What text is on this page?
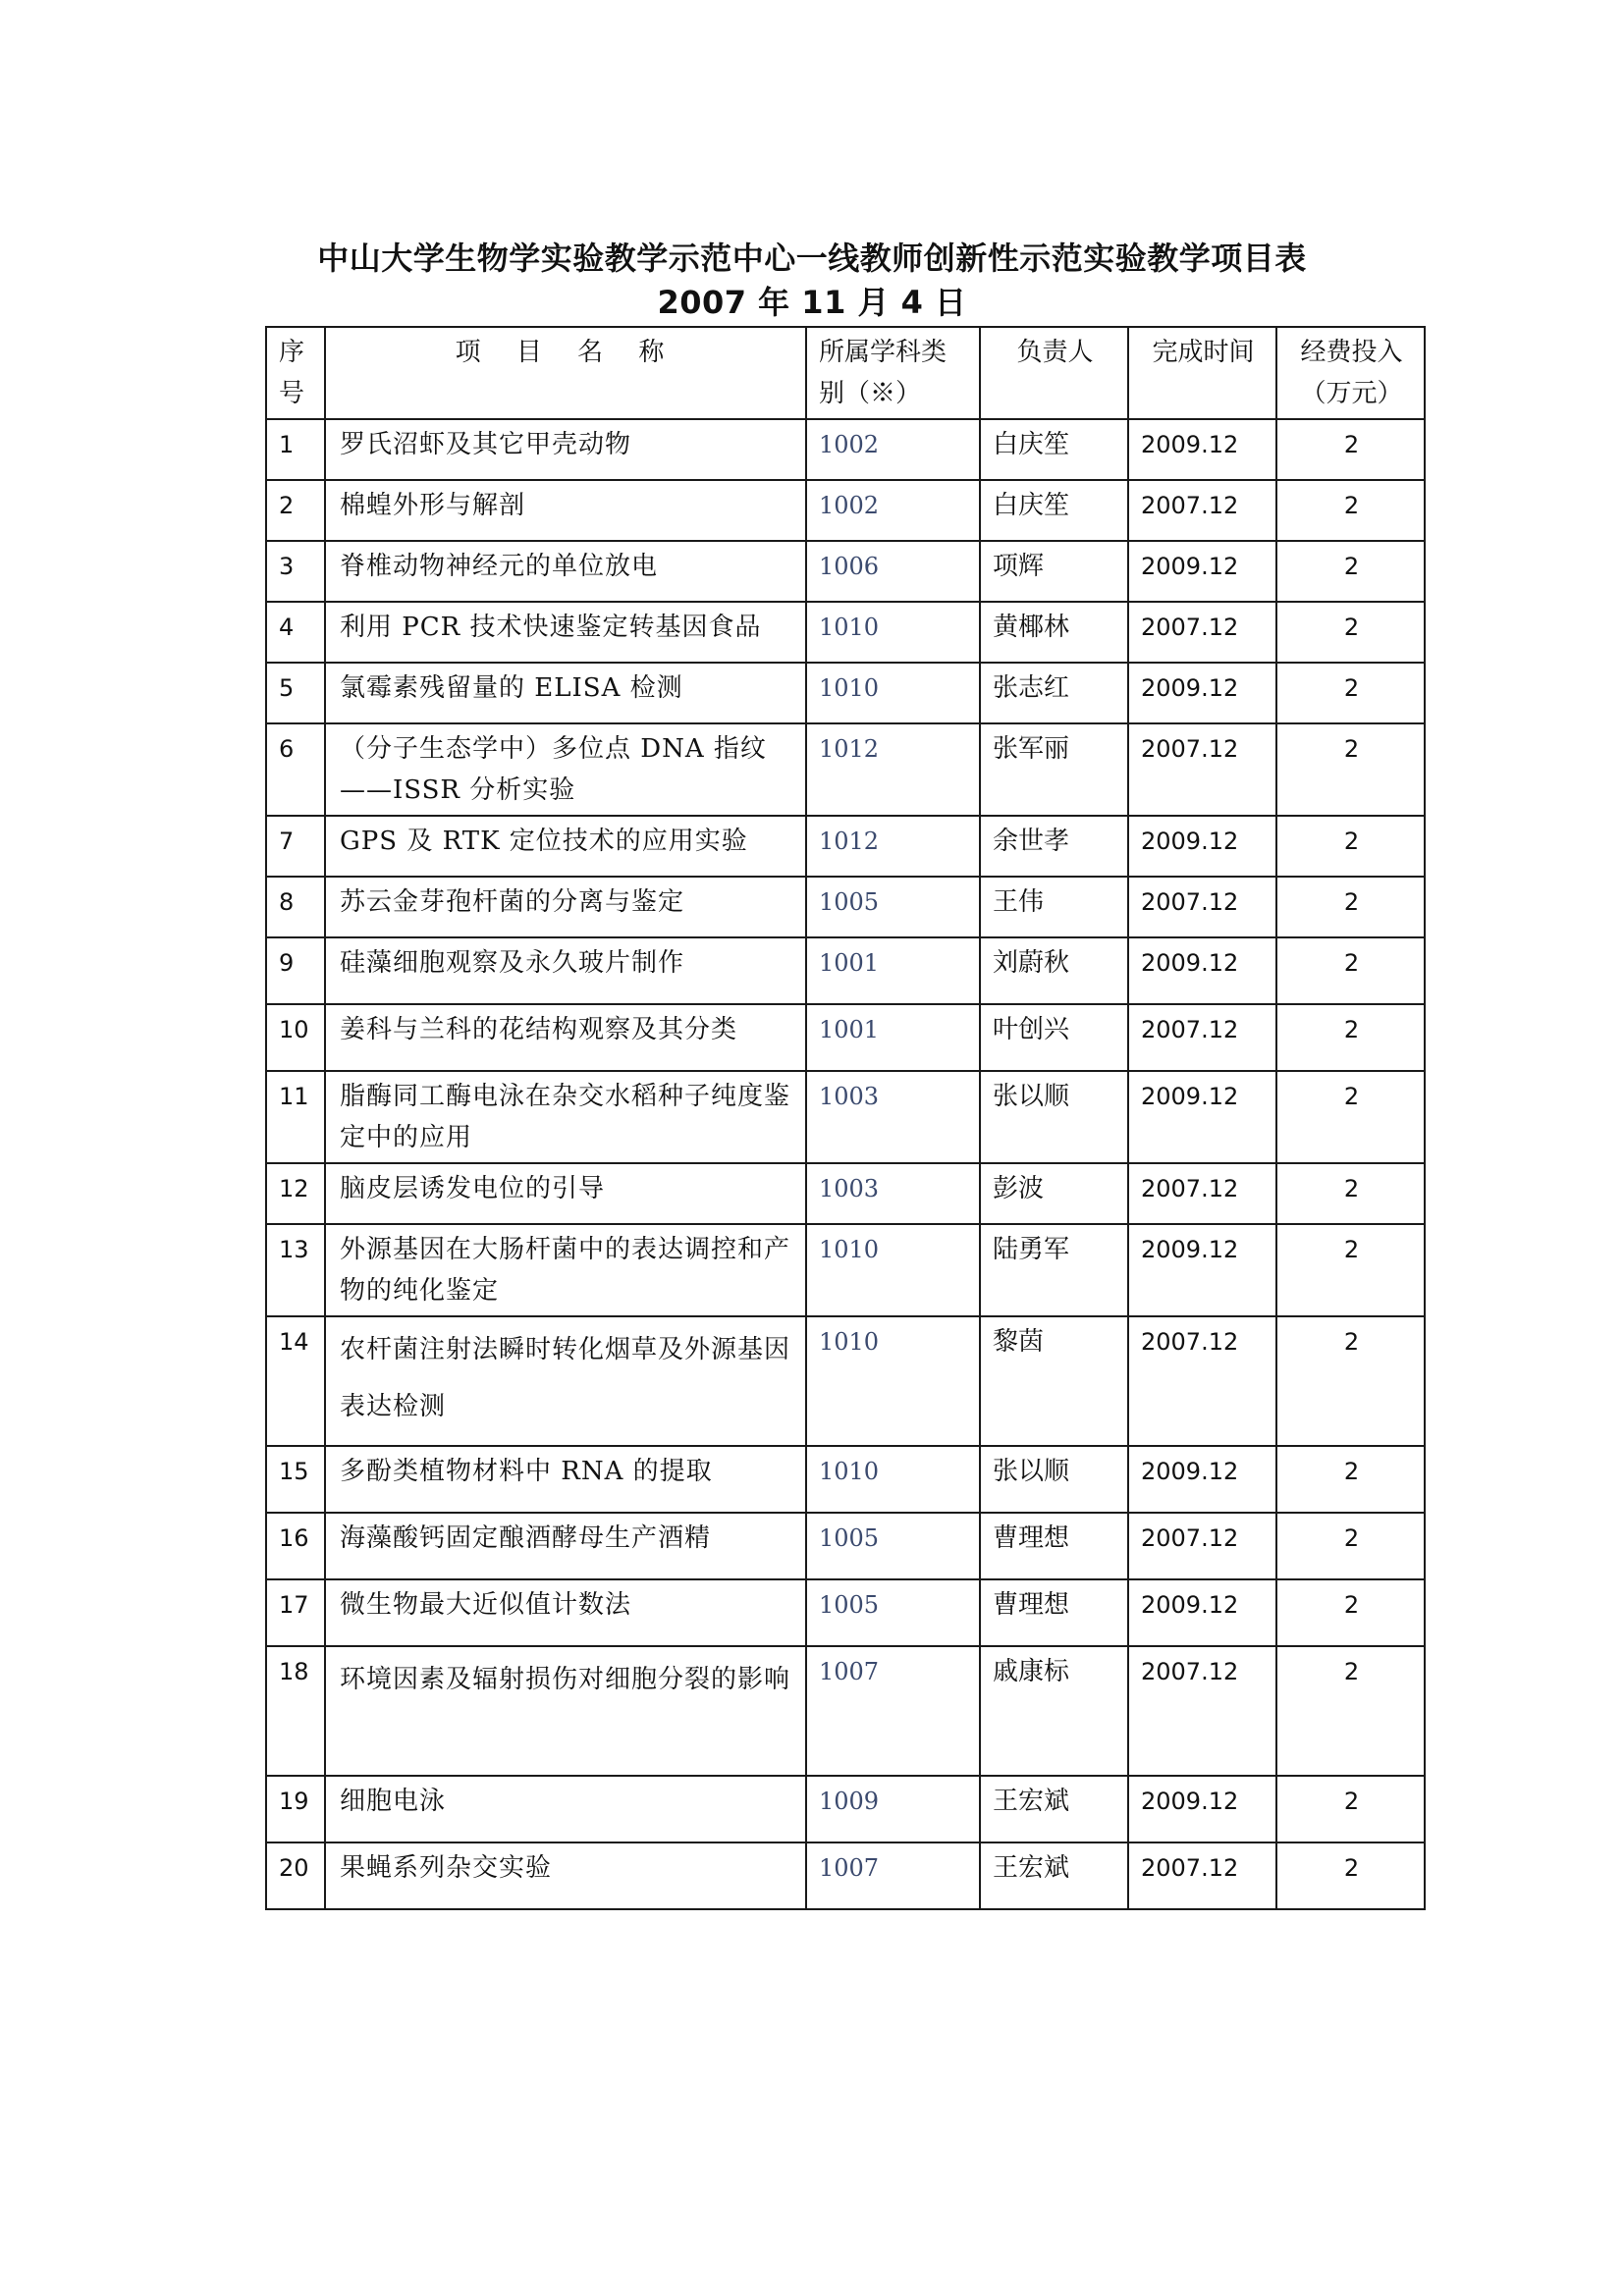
中山大学生物学实验教学示范中心一线教师创新性示范实验教学项目表
2007 年 11 月 4 日
序号	项 目 名 称	所属学科类别（※）	负责人	完成时间	经费投入（万元）
1	罗氏沼虾及其它甲壳动物	1002	白庆笙	2009.12	2
2	棉蝗外形与解剖	1002	白庆笙	2007.12	2
3	脊椎动物神经元的单位放电	1006	项辉	2009.12	2
4	利用 PCR 技术快速鉴定转基因食品	1010	黄椰林	2007.12	2
5	氯霉素残留量的 ELISA 检测	1010	张志红	2009.12	2
6	（分子生态学中）多位点 DNA 指纹——ISSR 分析实验	1012	张军丽	2007.12	2
7	GPS 及 RTK 定位技术的应用实验	1012	余世孝	2009.12	2
8	苏云金芽孢杆菌的分离与鉴定	1005	王伟	2007.12	2
9	硅藻细胞观察及永久玻片制作	1001	刘蔚秋	2009.12	2
10	姜科与兰科的花结构观察及其分类	1001	叶创兴	2007.12	2
11	脂酶同工酶电泳在杂交水稻种子纯度鉴定中的应用	1003	张以顺	2009.12	2
12	脑皮层诱发电位的引导	1003	彭波	2007.12	2
13	外源基因在大肠杆菌中的表达调控和产物的纯化鉴定	1010	陆勇军	2009.12	2
14	农杆菌注射法瞬时转化烟草及外源基因表达检测	1010	黎茵	2007.12	2
15	多酚类植物材料中 RNA 的提取	1010	张以顺	2009.12	2
16	海藻酸钙固定酿酒酵母生产酒精	1005	曹理想	2007.12	2
17	微生物最大近似值计数法	1005	曹理想	2009.12	2
18	环境因素及辐射损伤对细胞分裂的影响	1007	戚康标	2007.12	2
19	细胞电泳	1009	王宏斌	2009.12	2
20	果蝇系列杂交实验	1007	王宏斌	2007.12	2
